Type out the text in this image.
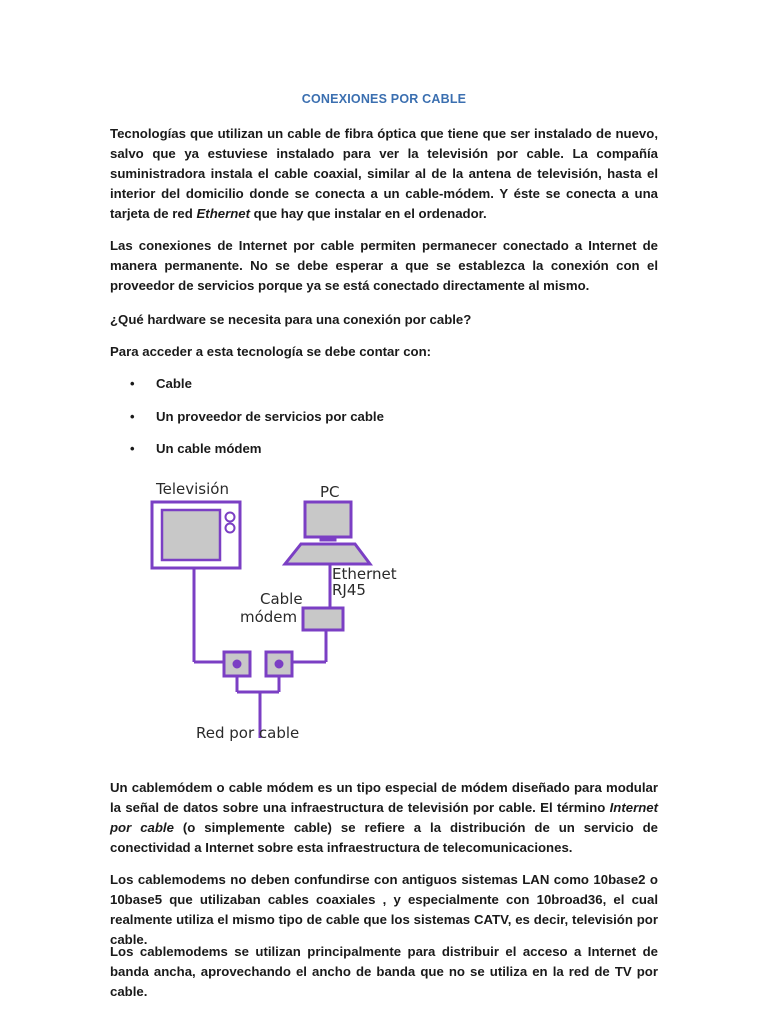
CONEXIONES POR CABLE
Tecnologías que utilizan un cable de fibra óptica que tiene que ser instalado de nuevo, salvo que ya estuviese instalado para ver la televisión por cable. La compañía suministradora instala el cable coaxial, similar al de la antena de televisión, hasta el interior del domicilio donde se conecta a un cable-módem. Y éste se conecta a una tarjeta de red Ethernet que hay que instalar en el ordenador.
Las conexiones de Internet por cable permiten permanecer conectado a Internet de manera permanente. No se debe esperar a que se establezca la conexión con el proveedor de servicios porque ya se está conectado directamente al mismo.
¿Qué hardware se necesita para una conexión por cable?
Para acceder a esta tecnología se debe contar con:
• Cable
• Un proveedor de servicios por cable
• Un cable módem
Televisión	PC
Ethernet
RJ45
Cable
módem
Red por cable
Un cablemódem o cable módem es un tipo especial de módem diseñado para modular la señal de datos sobre una infraestructura de televisión por cable. El término Internet por cable (o simplemente cable) se refiere a la distribución de un servicio de conectividad a Internet sobre esta infraestructura de telecomunicaciones.
Los cablemodems no deben confundirse con antiguos sistemas LAN como 10base2 o 10base5 que utilizaban cables coaxiales , y especialmente con 10broad36, el cual realmente utiliza el mismo tipo de cable que los sistemas CATV, es decir, televisión por cable.
Los cablemodems se utilizan principalmente para distribuir el acceso a Internet de banda ancha, aprovechando el ancho de banda que no se utiliza en la red de TV por cable.
